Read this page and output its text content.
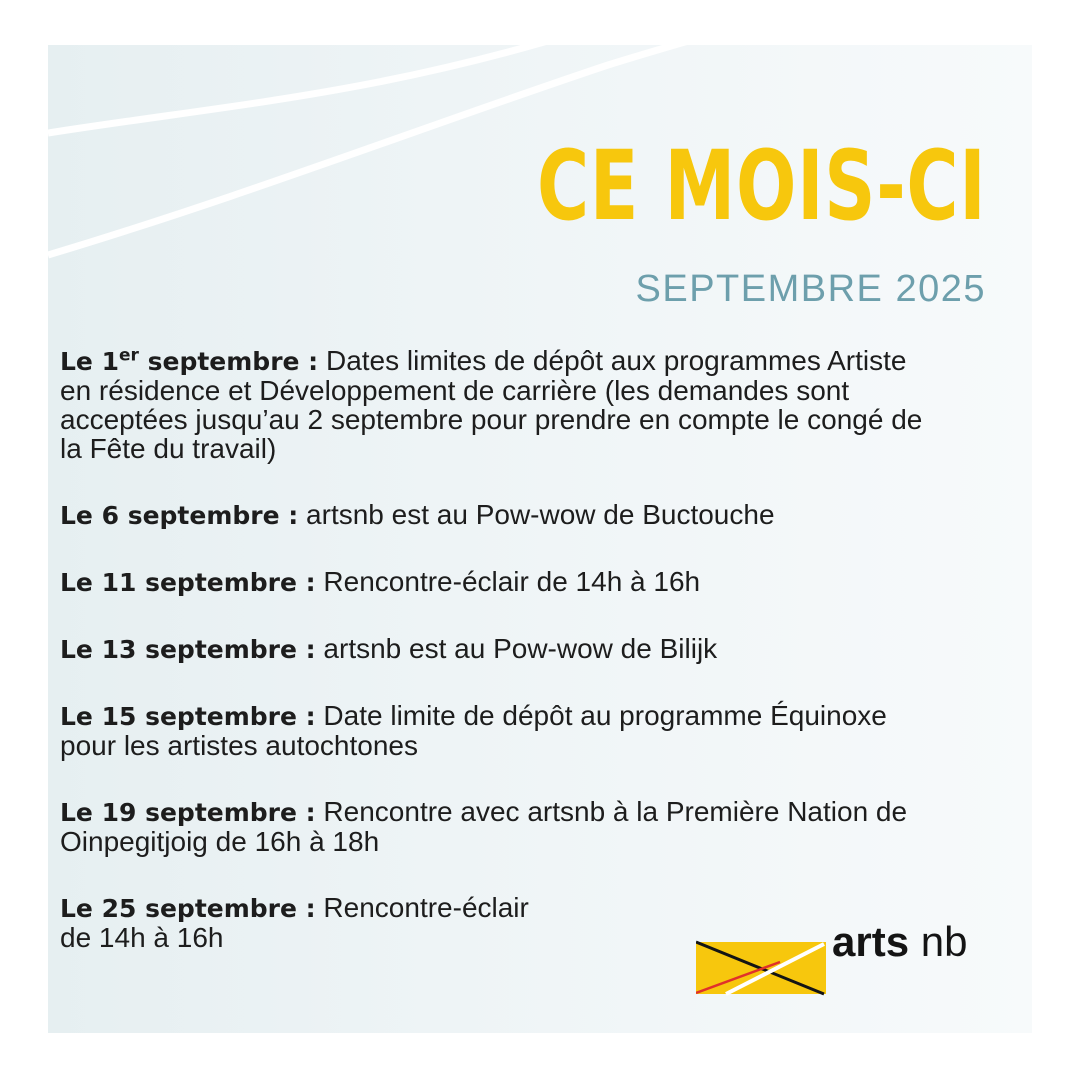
CE MOIS-CI
SEPTEMBRE 2025

Le 1er septembre : Dates limites de dépôt aux programmes Artiste en résidence et Développement de carrière (les demandes sont acceptées jusqu’au 2 septembre pour prendre en compte le congé de la Fête du travail)

Le 6 septembre : artsnb est au Pow-wow de Buctouche

Le 11 septembre : Rencontre-éclair de 14h à 16h

Le 13 septembre : artsnb est au Pow-wow de Bilijk

Le 15 septembre : Date limite de dépôt au programme Équinoxe pour les artistes autochtones

Le 19 septembre : Rencontre avec artsnb à la Première Nation de Oinpegitjoig de 16h à 18h

Le 25 septembre : Rencontre-éclair
de 14h à 16h	arts nb
